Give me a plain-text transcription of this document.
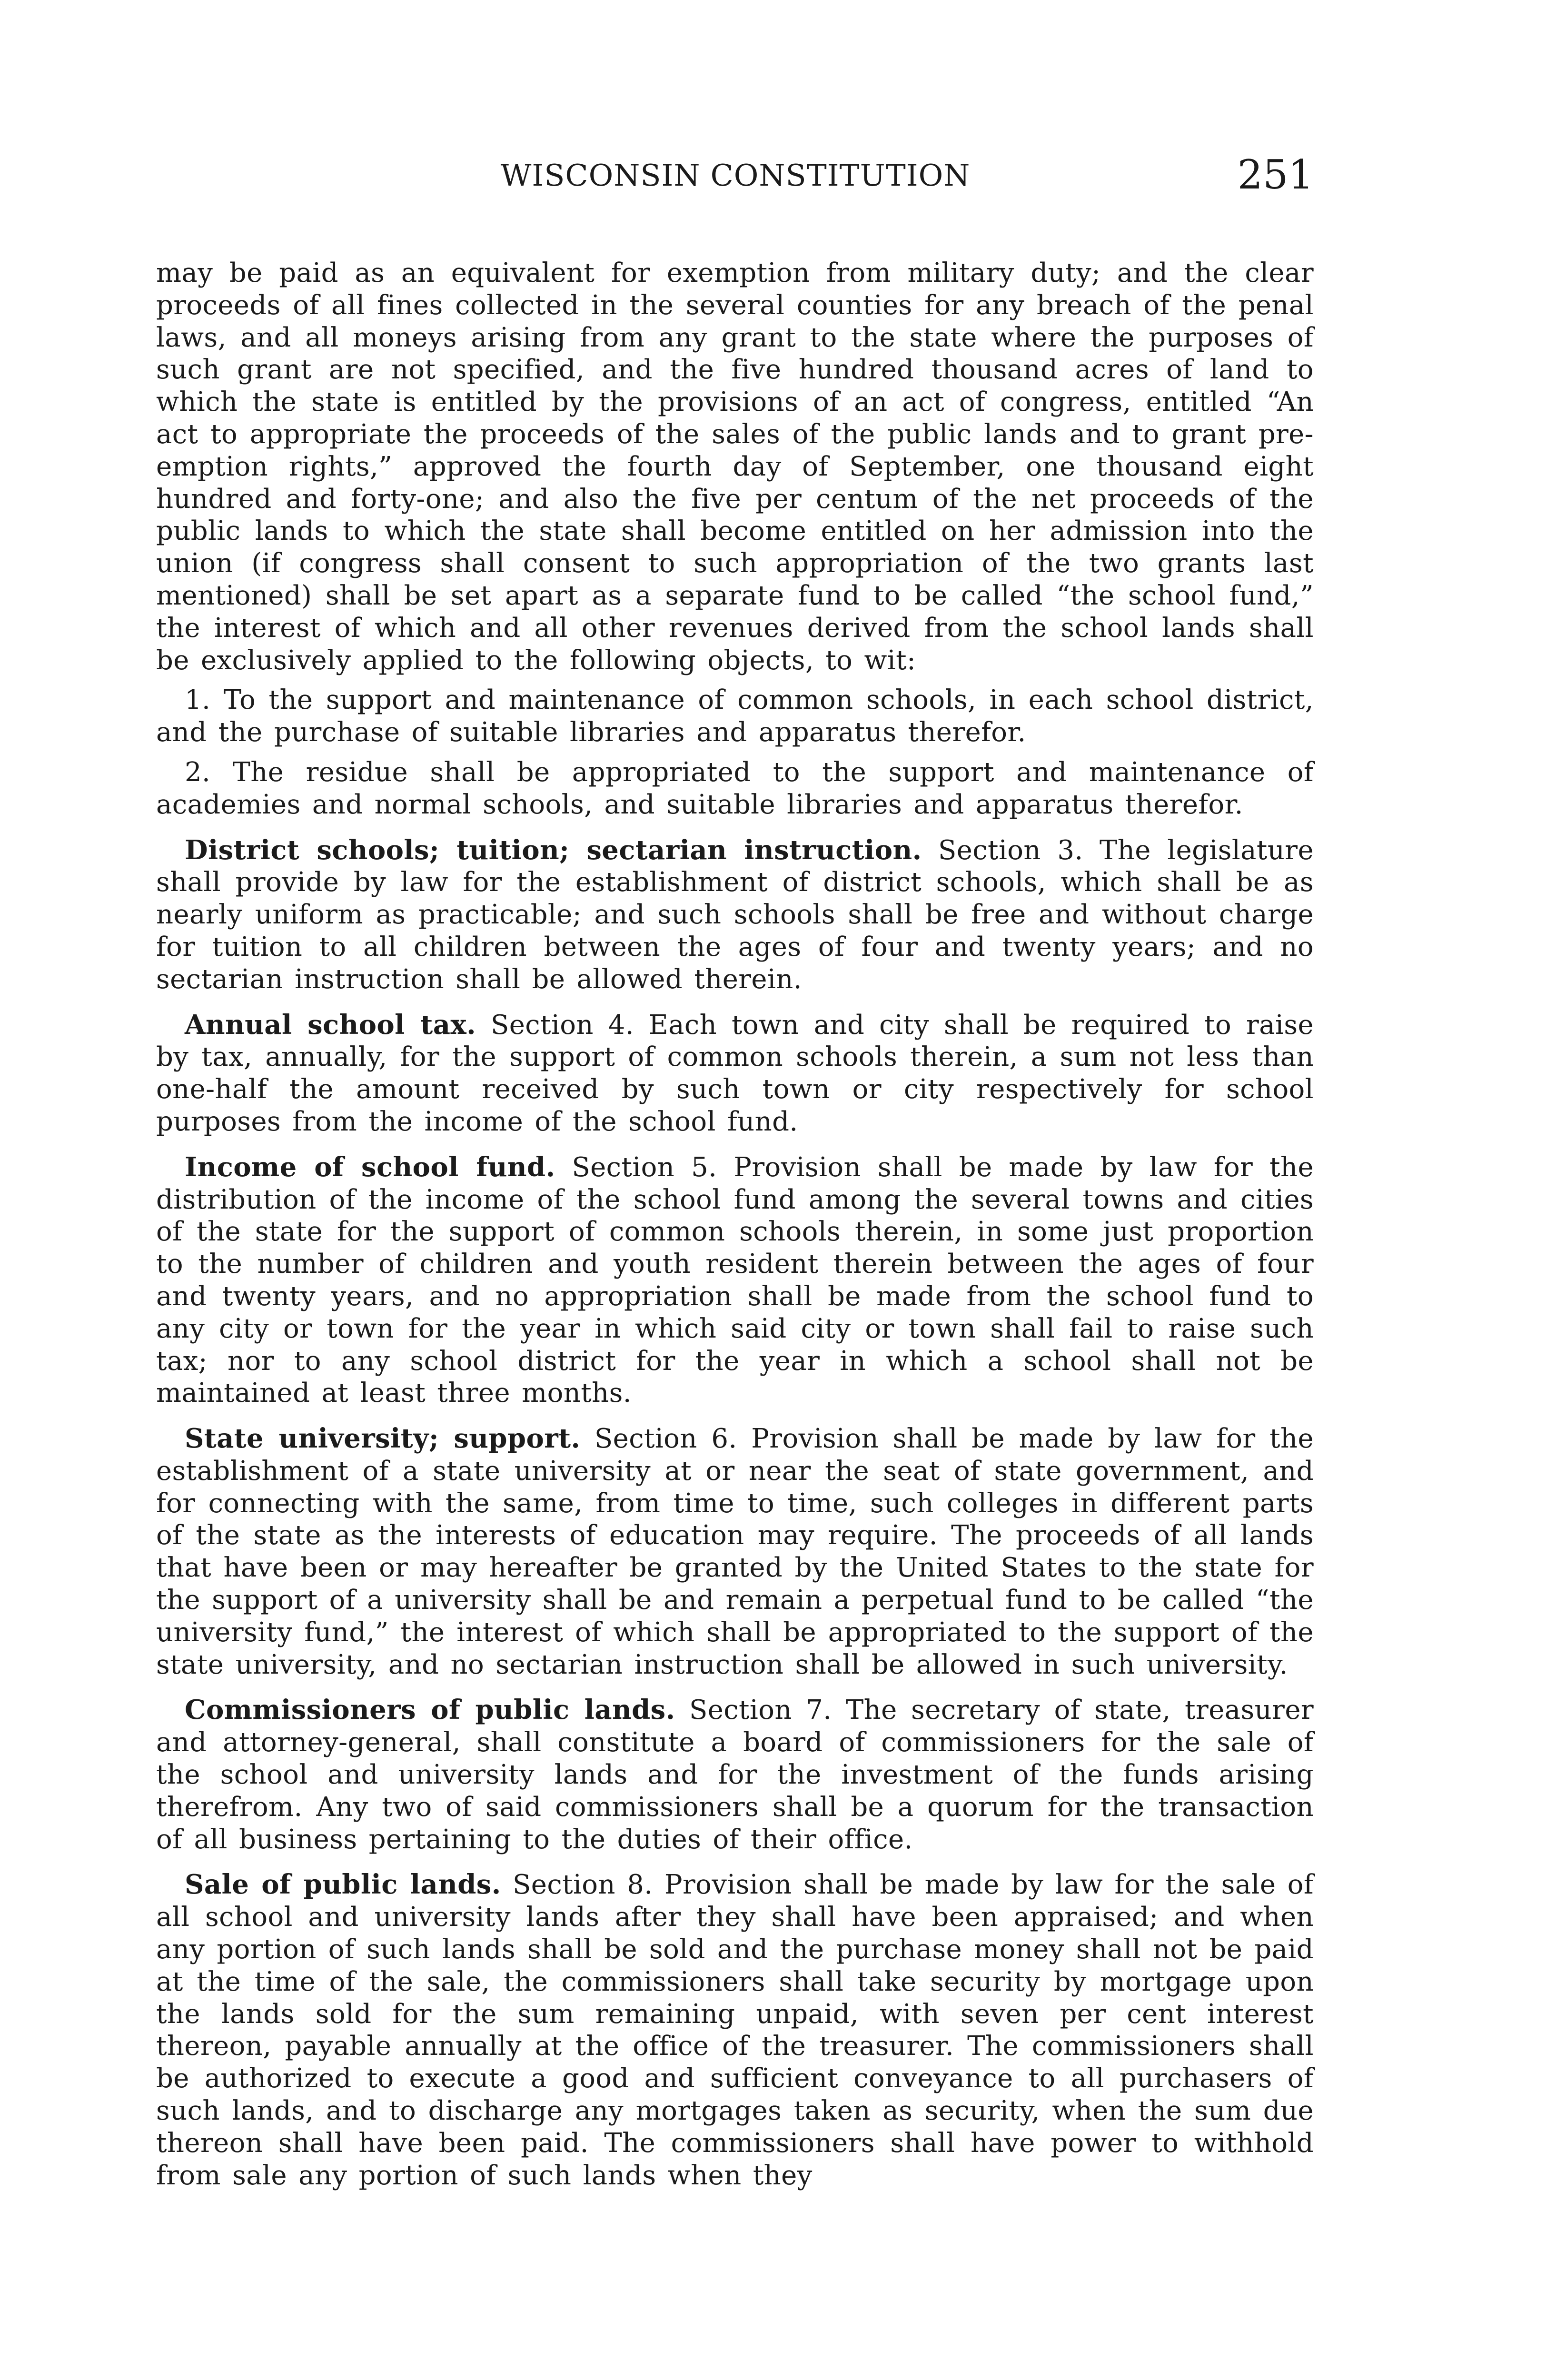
WISCONSIN CONSTITUTION	251

may be paid as an equivalent for exemption from military duty; and the clear proceeds of all fines collected in the several counties for any breach of the penal laws, and all moneys arising from any grant to the state where the purposes of such grant are not specified, and the five hundred thousand acres of land to which the state is entitled by the provisions of an act of congress, entitled “An act to appropriate the proceeds of the sales of the public lands and to grant pre-emption rights,” approved the fourth day of September, one thousand eight hundred and forty-one; and also the five per centum of the net proceeds of the public lands to which the state shall become entitled on her admission into the union (if congress shall consent to such appropriation of the two grants last mentioned) shall be set apart as a separate fund to be called “the school fund,” the interest of which and all other revenues derived from the school lands shall be exclusively applied to the following objects, to wit:

1. To the support and maintenance of common schools, in each school district, and the purchase of suitable libraries and apparatus therefor.

2. The residue shall be appropriated to the support and maintenance of academies and normal schools, and suitable libraries and apparatus therefor.

District schools; tuition; sectarian instruction. Section 3. The legislature shall provide by law for the establishment of district schools, which shall be as nearly uniform as practicable; and such schools shall be free and without charge for tuition to all children between the ages of four and twenty years; and no sectarian instruction shall be allowed therein.

Annual school tax. Section 4. Each town and city shall be required to raise by tax, annually, for the support of common schools therein, a sum not less than one-half the amount received by such town or city respectively for school purposes from the income of the school fund.

Income of school fund. Section 5. Provision shall be made by law for the distribution of the income of the school fund among the several towns and cities of the state for the support of common schools therein, in some just proportion to the number of children and youth resident therein between the ages of four and twenty years, and no appropriation shall be made from the school fund to any city or town for the year in which said city or town shall fail to raise such tax; nor to any school district for the year in which a school shall not be maintained at least three months.

State university; support. Section 6. Provision shall be made by law for the establishment of a state university at or near the seat of state government, and for connecting with the same, from time to time, such colleges in different parts of the state as the interests of education may require. The proceeds of all lands that have been or may hereafter be granted by the United States to the state for the support of a university shall be and remain a perpetual fund to be called “the university fund,” the interest of which shall be appropriated to the support of the state university, and no sectarian instruction shall be allowed in such university.

Commissioners of public lands. Section 7. The secretary of state, treasurer and attorney-general, shall constitute a board of commissioners for the sale of the school and university lands and for the investment of the funds arising therefrom. Any two of said commissioners shall be a quorum for the transaction of all business pertaining to the duties of their office.

Sale of public lands. Section 8. Provision shall be made by law for the sale of all school and university lands after they shall have been appraised; and when any portion of such lands shall be sold and the purchase money shall not be paid at the time of the sale, the commissioners shall take security by mortgage upon the lands sold for the sum remaining unpaid, with seven per cent interest thereon, payable annually at the office of the treasurer. The commissioners shall be authorized to execute a good and sufficient conveyance to all purchasers of such lands, and to discharge any mortgages taken as security, when the sum due thereon shall have been paid. The commissioners shall have power to withhold from sale any portion of such lands when they
